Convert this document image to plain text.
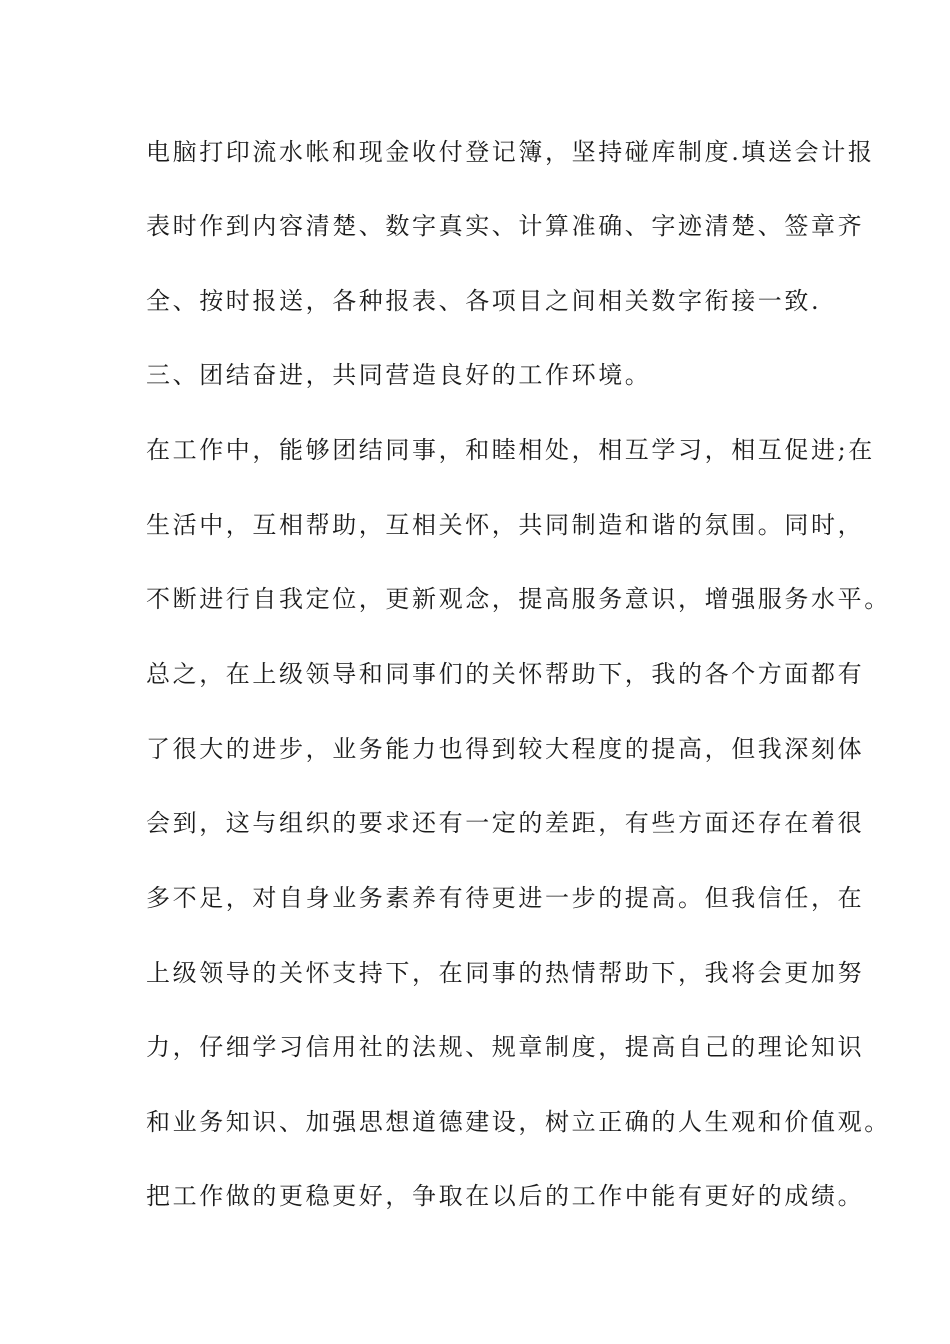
电脑打印流水帐和现金收付登记簿，坚持碰库制度.填送会计报

表时作到内容清楚、数字真实、计算准确、字迹清楚、签章齐

全、按时报送，各种报表、各项目之间相关数字衔接一致.

三、团结奋进，共同营造良好的工作环境。

在工作中，能够团结同事，和睦相处，相互学习，相互促进;在

生活中，互相帮助，互相关怀，共同制造和谐的氛围。同时，

不断进行自我定位，更新观念，提高服务意识，增强服务水平。

总之，在上级领导和同事们的关怀帮助下，我的各个方面都有

了很大的进步，业务能力也得到较大程度的提高，但我深刻体

会到，这与组织的要求还有一定的差距，有些方面还存在着很

多不足，对自身业务素养有待更进一步的提高。但我信任，在

上级领导的关怀支持下，在同事的热情帮助下，我将会更加努

力，仔细学习信用社的法规、规章制度，提高自己的理论知识

和业务知识、加强思想道德建设，树立正确的人生观和价值观。

把工作做的更稳更好，争取在以后的工作中能有更好的成绩。
